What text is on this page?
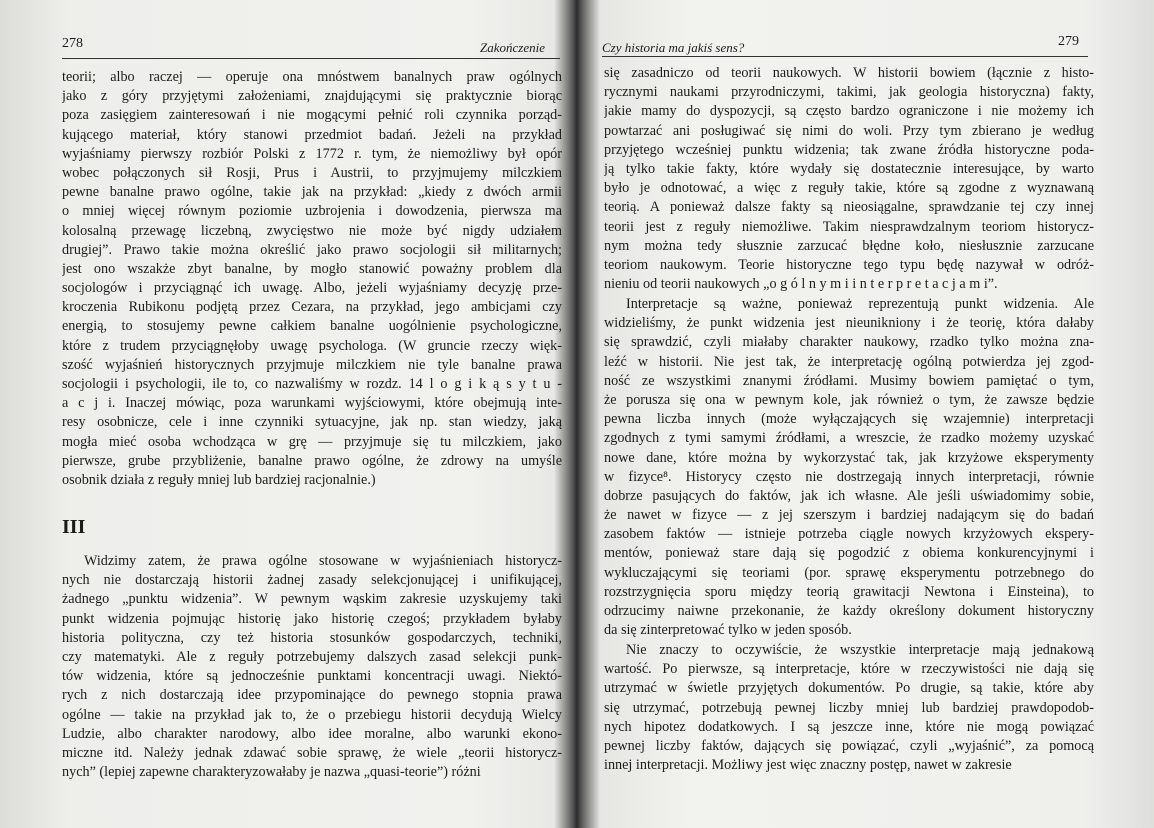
278	Zakończenie
teorii; albo raczej — operuje ona mnóstwem banalnych praw ogólnych
jako z góry przyjętymi założeniami, znajdującymi się praktycznie biorąc
poza zasięgiem zainteresowań i nie mogącymi pełnić roli czynnika porząd-
kującego materiał, który stanowi przedmiot badań. Jeżeli na przykład
wyjaśniamy pierwszy rozbiór Polski z 1772 r. tym, że niemożliwy był opór
wobec połączonych sił Rosji, Prus i Austrii, to przyjmujemy milczkiem
pewne banalne prawo ogólne, takie jak na przykład: „kiedy z dwóch armii
o mniej więcej równym poziomie uzbrojenia i dowodzenia, pierwsza ma
kolosalną przewagę liczebną, zwycięstwo nie może być nigdy udziałem
drugiej”. Prawo takie można określić jako prawo socjologii sił militarnych;
jest ono wszakże zbyt banalne, by mogło stanowić poważny problem dla
socjologów i przyciągnąć ich uwagę. Albo, jeżeli wyjaśniamy decyzję prze-
kroczenia Rubikonu podjętą przez Cezara, na przykład, jego ambicjami czy
energią, to stosujemy pewne całkiem banalne uogólnienie psychologiczne,
które z trudem przyciągnęłoby uwagę psychologa. (W gruncie rzeczy więk-
szość wyjaśnień historycznych przyjmuje milczkiem nie tyle banalne prawa
socjologii i psychologii, ile to, co nazwaliśmy w rozdz. 14 l o g i k ą s y t u -
a c j i. Inaczej mówiąc, poza warunkami wyjściowymi, które obejmują inte-
resy osobnicze, cele i inne czynniki sytuacyjne, jak np. stan wiedzy, jaką
mogła mieć osoba wchodząca w grę — przyjmuje się tu milczkiem, jako
pierwsze, grube przybliżenie, banalne prawo ogólne, że zdrowy na umyśle
osobnik działa z reguły mniej lub bardziej racjonalnie.)
III
Widzimy zatem, że prawa ogólne stosowane w wyjaśnieniach historycz-
nych nie dostarczają historii żadnej zasady selekcjonującej i unifikującej,
żadnego „punktu widzenia”. W pewnym wąskim zakresie uzyskujemy taki
punkt widzenia pojmując historię jako historię czegoś; przykładem byłaby
historia polityczna, czy też historia stosunków gospodarczych, techniki,
czy matematyki. Ale z reguły potrzebujemy dalszych zasad selekcji punk-
tów widzenia, które są jednocześnie punktami koncentracji uwagi. Niektó-
rych z nich dostarczają idee przypominające do pewnego stopnia prawa
ogólne — takie na przykład jak to, że o przebiegu historii decydują Wielcy
Ludzie, albo charakter narodowy, albo idee moralne, albo warunki ekono-
miczne itd. Należy jednak zdawać sobie sprawę, że wiele „teorii historycz-
nych” (lepiej zapewne charakteryzowałaby je nazwa „quasi-teorie”) różni
Czy historia ma jakiś sens?	279
się zasadniczo od teorii naukowych. W historii bowiem (łącznie z histo-
rycznymi naukami przyrodniczymi, takimi, jak geologia historyczna) fakty,
jakie mamy do dyspozycji, są często bardzo ograniczone i nie możemy ich
powtarzać ani posługiwać się nimi do woli. Przy tym zbierano je według
przyjętego wcześniej punktu widzenia; tak zwane źródła historyczne poda-
ją tylko takie fakty, które wydały się dostatecznie interesujące, by warto
było je odnotować, a więc z reguły takie, które są zgodne z wyznawaną
teorią. A ponieważ dalsze fakty są nieosiągalne, sprawdzanie tej czy innej
teorii jest z reguły niemożliwe. Takim niesprawdzalnym teoriom historycz-
nym można tedy słusznie zarzucać błędne koło, niesłusznie zarzucane
teoriom naukowym. Teorie historyczne tego typu będę nazywał w odróż-
nieniu od teorii naukowych „o g ó l n y m i i n t e r p r e t a c j a m i”.
Interpretacje są ważne, ponieważ reprezentują punkt widzenia. Ale
widzieliśmy, że punkt widzenia jest nieunikniony i że teorię, która dałaby
się sprawdzić, czyli miałaby charakter naukowy, rzadko tylko można zna-
leźć w historii. Nie jest tak, że interpretację ogólną potwierdza jej zgod-
ność ze wszystkimi znanymi źródłami. Musimy bowiem pamiętać o tym,
że porusza się ona w pewnym kole, jak również o tym, że zawsze będzie
pewna liczba innych (może wyłączających się wzajemnie) interpretacji
zgodnych z tymi samymi źródłami, a wreszcie, że rzadko możemy uzyskać
nowe dane, które można by wykorzystać tak, jak krzyżowe eksperymenty
w fizyce⁸. Historycy często nie dostrzegają innych interpretacji, równie
dobrze pasujących do faktów, jak ich własne. Ale jeśli uświadomimy sobie,
że nawet w fizyce — z jej szerszym i bardziej nadającym się do badań
zasobem faktów — istnieje potrzeba ciągle nowych krzyżowych ekspery-
mentów, ponieważ stare dają się pogodzić z obiema konkurencyjnymi i
wykluczającymi się teoriami (por. sprawę eksperymentu potrzebnego do
rozstrzygnięcia sporu między teorią grawitacji Newtona i Einsteina), to
odrzucimy naiwne przekonanie, że każdy określony dokument historyczny
da się zinterpretować tylko w jeden sposób.
Nie znaczy to oczywiście, że wszystkie interpretacje mają jednakową
wartość. Po pierwsze, są interpretacje, które w rzeczywistości nie dają się
utrzymać w świetle przyjętych dokumentów. Po drugie, są takie, które aby
się utrzymać, potrzebują pewnej liczby mniej lub bardziej prawdopodob-
nych hipotez dodatkowych. I są jeszcze inne, które nie mogą powiązać
pewnej liczby faktów, dających się powiązać, czyli „wyjaśnić”, za pomocą
innej interpretacji. Możliwy jest więc znaczny postęp, nawet w zakresie
